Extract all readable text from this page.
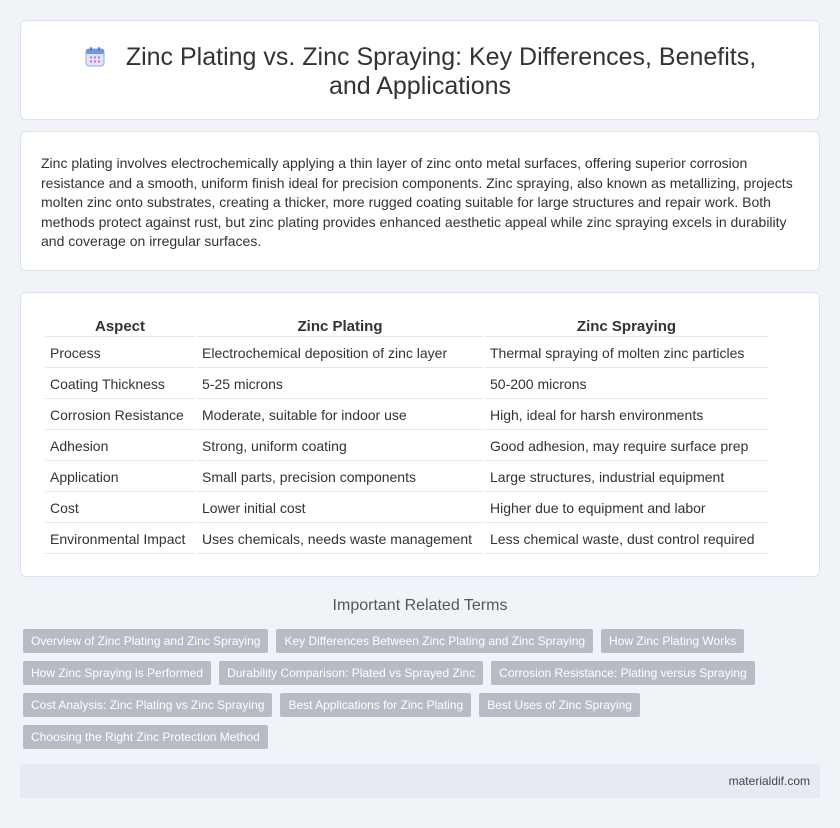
Zinc Plating vs. Zinc Spraying: Key Differences, Benefits, and Applications

Zinc plating involves electrochemically applying a thin layer of zinc onto metal surfaces, offering superior corrosion resistance and a smooth, uniform finish ideal for precision components. Zinc spraying, also known as metallizing, projects molten zinc onto substrates, creating a thicker, more rugged coating suitable for large structures and repair work. Both methods protect against rust, but zinc plating provides enhanced aesthetic appeal while zinc spraying excels in durability and coverage on irregular surfaces.

Aspect	Zinc Plating	Zinc Spraying
Process	Electrochemical deposition of zinc layer	Thermal spraying of molten zinc particles
Coating Thickness	5-25 microns	50-200 microns
Corrosion Resistance	Moderate, suitable for indoor use	High, ideal for harsh environments
Adhesion	Strong, uniform coating	Good adhesion, may require surface prep
Application	Small parts, precision components	Large structures, industrial equipment
Cost	Lower initial cost	Higher due to equipment and labor
Environmental Impact	Uses chemicals, needs waste management	Less chemical waste, dust control required
Important Related Terms
Overview of Zinc Plating and Zinc Spraying	Key Differences Between Zinc Plating and Zinc Spraying	How Zinc Plating Works
How Zinc Spraying is Performed	Durability Comparison: Plated vs Sprayed Zinc	Corrosion Resistance: Plating versus Spraying
Cost Analysis: Zinc Plating vs Zinc Spraying	Best Applications for Zinc Plating	Best Uses of Zinc Spraying
Choosing the Right Zinc Protection Method
materialdif.com
